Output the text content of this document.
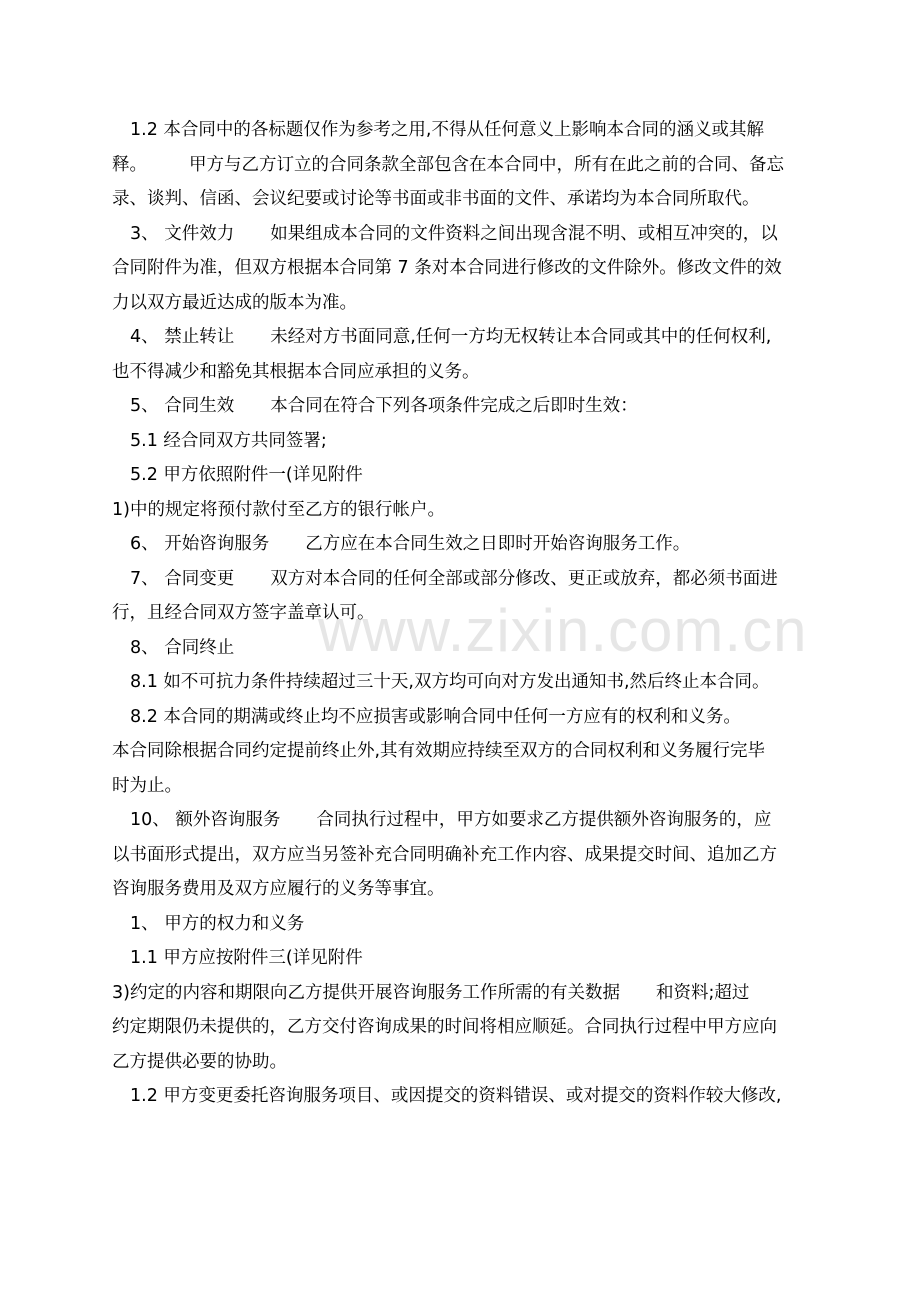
1.2 本合同中的各标题仅作为参考之用,不得从任何意义上影响本合同的涵义或其解
释。 甲方与乙方订立的合同条款全部包含在本合同中，所有在此之前的合同、备忘
录、谈判、信函、会议纪要或讨论等书面或非书面的文件、承诺均为本合同所取代。
3、 文件效力 如果组成本合同的文件资料之间出现含混不明、或相互冲突的，以
合同附件为准，但双方根据本合同第 7 条对本合同进行修改的文件除外。修改文件的效
力以双方最近达成的版本为准。
4、 禁止转让 未经对方书面同意,任何一方均无权转让本合同或其中的任何权利,
也不得减少和豁免其根据本合同应承担的义务。
5、 合同生效 本合同在符合下列各项条件完成之后即时生效：
5.1 经合同双方共同签署;
5.2 甲方依照附件一(详见附件
1)中的规定将预付款付至乙方的银行帐户。
6、 开始咨询服务 乙方应在本合同生效之日即时开始咨询服务工作。
7、 合同变更 双方对本合同的任何全部或部分修改、更正或放弃，都必须书面进
行，且经合同双方签字盖章认可。
8、 合同终止
8.1 如不可抗力条件持续超过三十天,双方均可向对方发出通知书,然后终止本合同。
8.2 本合同的期满或终止均不应损害或影响合同中任何一方应有的权利和义务。
本合同除根据合同约定提前终止外,其有效期应持续至双方的合同权利和义务履行完毕
时为止。
10、 额外咨询服务 合同执行过程中，甲方如要求乙方提供额外咨询服务的，应
以书面形式提出，双方应当另签补充合同明确补充工作内容、成果提交时间、追加乙方
咨询服务费用及双方应履行的义务等事宜。
1、 甲方的权力和义务
1.1 甲方应按附件三(详见附件
3)约定的内容和期限向乙方提供开展咨询服务工作所需的有关数据 和资料;超过
约定期限仍未提供的，乙方交付咨询成果的时间将相应顺延。合同执行过程中甲方应向
乙方提供必要的协助。
1.2 甲方变更委托咨询服务项目、或因提交的资料错误、或对提交的资料作较大修改,
www.zixin.com.cn
